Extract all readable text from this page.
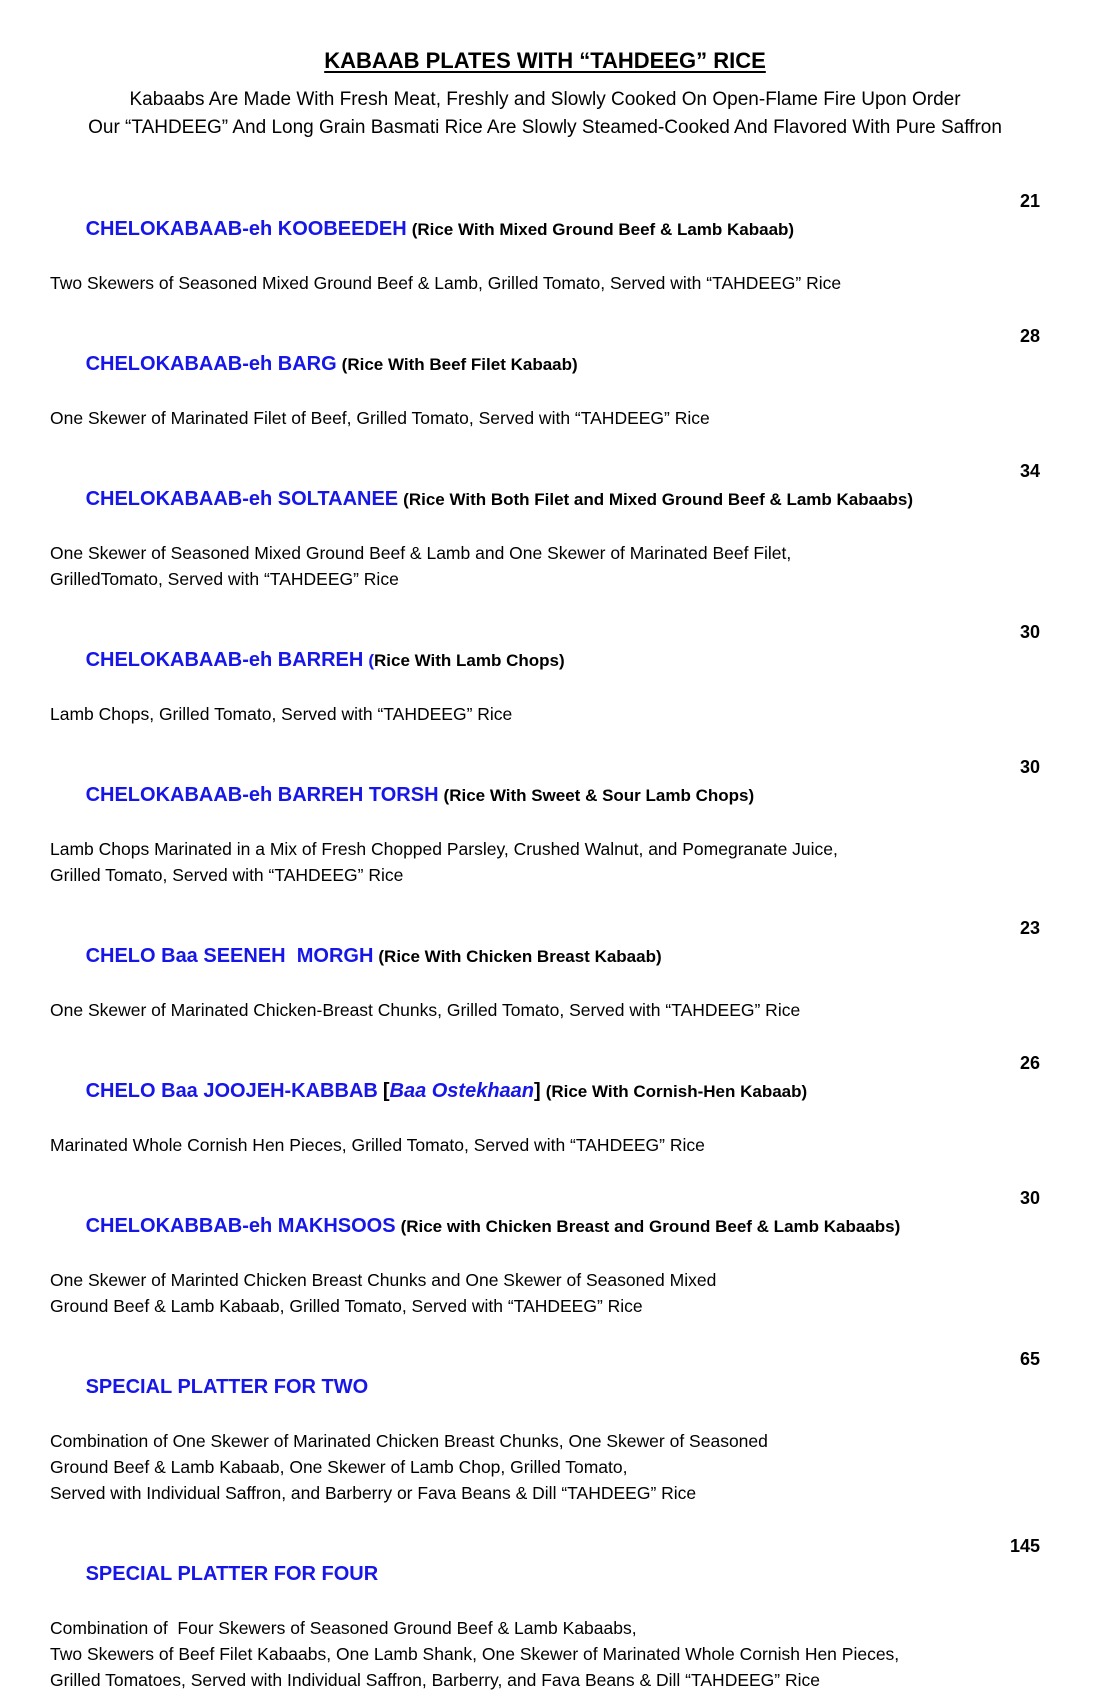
KABAAB PLATES WITH “TAHDEEG” RICE

Kabaabs Are Made With Fresh Meat, Freshly and Slowly Cooked On Open-Flame Fire Upon Order

Our “TAHDEEG” And Long Grain Basmati Rice Are Slowly Steamed-Cooked And Flavored With Pure Saffron

CHELOKABAAB-eh KOOBEEDEH (Rice With Mixed Ground Beef & Lamb Kabaab)

21
Two Skewers of Seasoned Mixed Ground Beef & Lamb, Grilled Tomato, Served with “TAHDEEG” Rice

CHELOKABAAB-eh BARG (Rice With Beef Filet Kabaab)

28
One Skewer of Marinated Filet of Beef, Grilled Tomato, Served with “TAHDEEG” Rice

CHELOKABAAB-eh SOLTAANEE (Rice With Both Filet and Mixed Ground Beef & Lamb Kabaabs)

34
One Skewer of Seasoned Mixed Ground Beef & Lamb and One Skewer of Marinated Beef Filet,
GrilledTomato, Served with “TAHDEEG” Rice

CHELOKABAAB-eh BARREH (Rice With Lamb Chops)

30
Lamb Chops, Grilled Tomato, Served with “TAHDEEG” Rice

CHELOKABAAB-eh BARREH TORSH (Rice With Sweet & Sour Lamb Chops)

30
Lamb Chops Marinated in a Mix of Fresh Chopped Parsley, Crushed Walnut, and Pomegranate Juice,
Grilled Tomato, Served with “TAHDEEG” Rice

CHELO Baa SEENEH  MORGH (Rice With Chicken Breast Kabaab)

23
One Skewer of Marinated Chicken-Breast Chunks, Grilled Tomato, Served with “TAHDEEG” Rice

CHELO Baa JOOJEH-KABBAB [Baa Ostekhaan] (Rice With Cornish-Hen Kabaab)

26
Marinated Whole Cornish Hen Pieces, Grilled Tomato, Served with “TAHDEEG” Rice

CHELOKABBAB-eh MAKHSOOS (Rice with Chicken Breast and Ground Beef & Lamb Kabaabs)

30
One Skewer of Marinted Chicken Breast Chunks and One Skewer of Seasoned Mixed
Ground Beef & Lamb Kabaab, Grilled Tomato, Served with “TAHDEEG” Rice

SPECIAL PLATTER FOR TWO

65
Combination of One Skewer of Marinated Chicken Breast Chunks, One Skewer of Seasoned
Ground Beef & Lamb Kabaab, One Skewer of Lamb Chop, Grilled Tomato,
Served with Individual Saffron, and Barberry or Fava Beans & Dill “TAHDEEG” Rice

SPECIAL PLATTER FOR FOUR

145
Combination of  Four Skewers of Seasoned Ground Beef & Lamb Kabaabs,
Two Skewers of Beef Filet Kabaabs, One Lamb Shank, One Skewer of Marinated Whole Cornish Hen Pieces,
Grilled Tomatoes, Served with Individual Saffron, Barberry, and Fava Beans & Dill “TAHDEEG” Rice
